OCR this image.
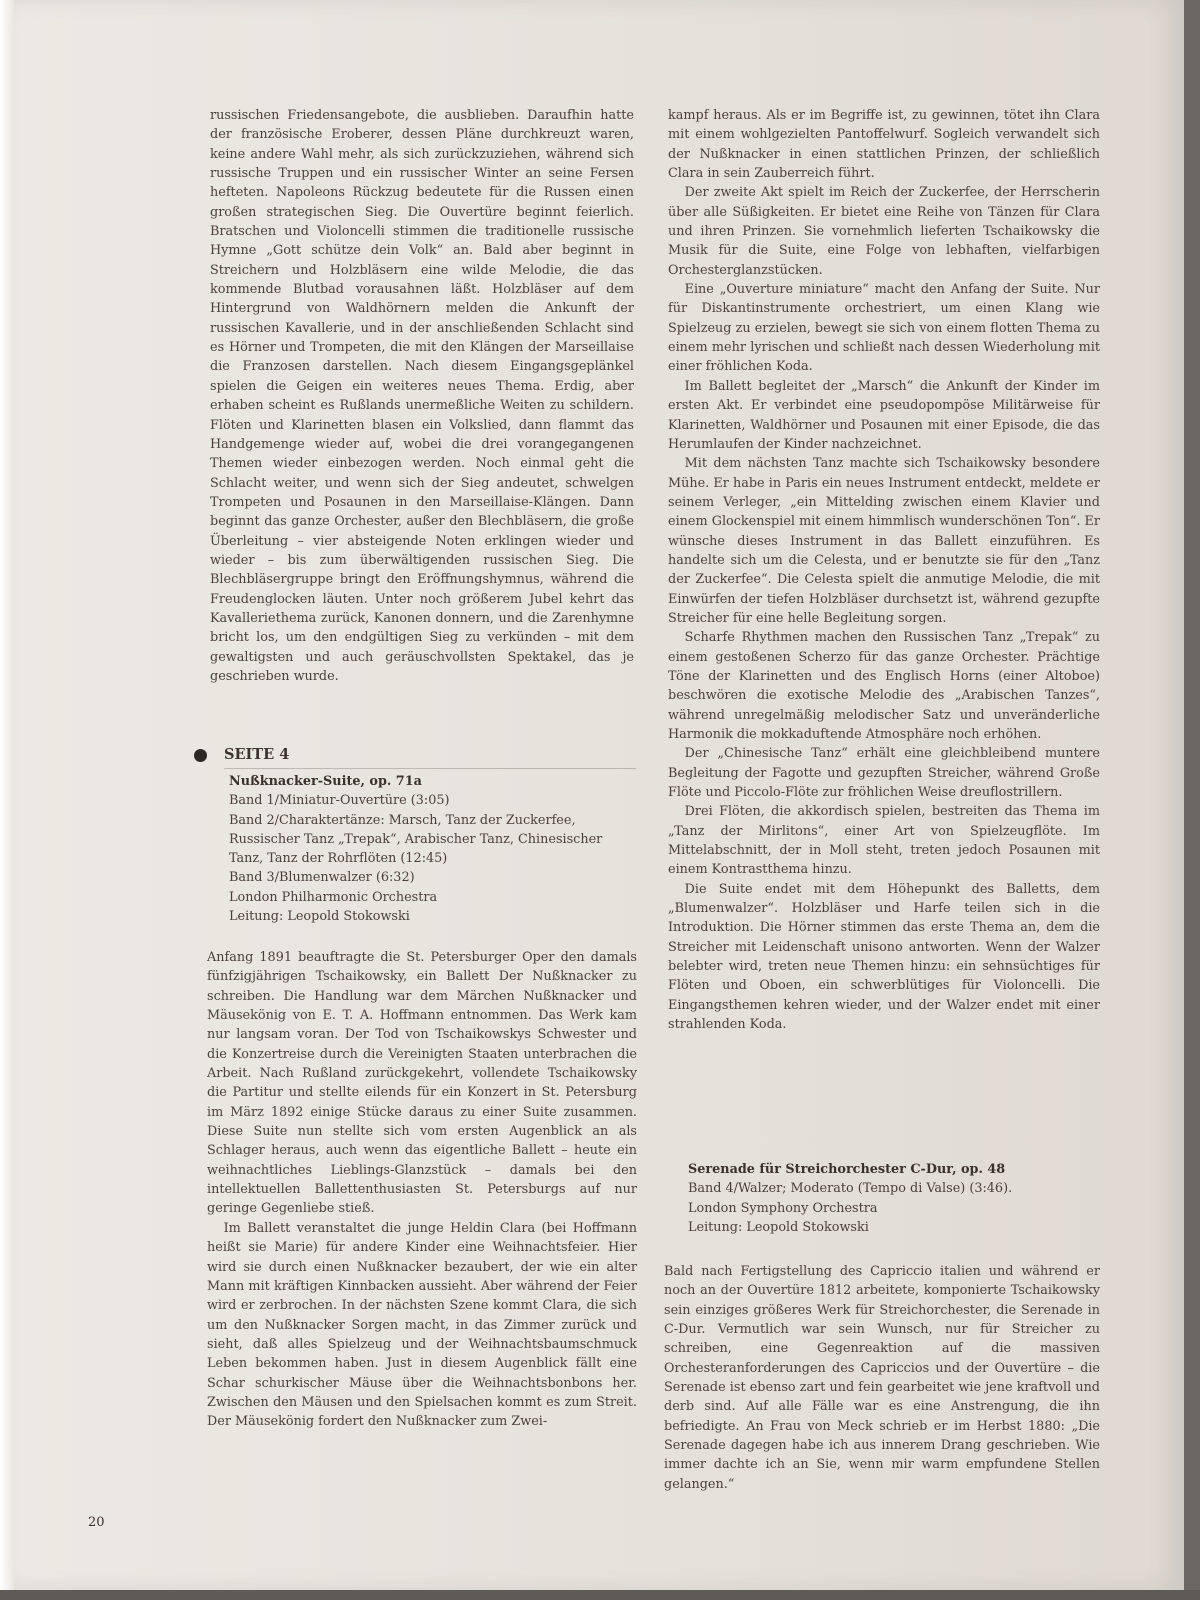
russischen Friedensangebote, die ausblieben. Daraufhin hatte der französische Eroberer, dessen Pläne durchkreuzt waren, keine andere Wahl mehr, als sich zurückzuziehen, während sich russische Truppen und ein russischer Winter an seine Fersen hefteten. Napoleons Rückzug bedeutete für die Russen einen großen strategischen Sieg. Die Ouvertüre beginnt feierlich. Bratschen und Violoncelli stimmen die traditionelle russische Hymne „Gott schütze dein Volk“ an. Bald aber beginnt in Streichern und Holzbläsern eine wilde Melodie, die das kommende Blutbad vorausahnen läßt. Holzbläser auf dem Hintergrund von Waldhörnern melden die Ankunft der russischen Kavallerie, und in der anschließenden Schlacht sind es Hörner und Trompeten, die mit den Klängen der Marseillaise die Franzosen darstellen. Nach diesem Eingangsgeplänkel spielen die Geigen ein weiteres neues Thema. Erdig, aber erhaben scheint es Rußlands unermeßliche Weiten zu schildern. Flöten und Klarinetten blasen ein Volkslied, dann flammt das Handgemenge wieder auf, wobei die drei vorangegangenen Themen wieder einbezogen werden. Noch einmal geht die Schlacht weiter, und wenn sich der Sieg andeutet, schwelgen Trompeten und Posaunen in den Marseillaise-Klängen. Dann beginnt das ganze Orchester, außer den Blechbläsern, die große Überleitung – vier absteigende Noten erklingen wieder und wieder – bis zum überwältigenden russischen Sieg. Die Blechbläsergruppe bringt den Eröffnungshymnus, während die Freudenglocken läuten. Unter noch größerem Jubel kehrt das Kavalleriethema zurück, Kanonen donnern, und die Zarenhymne bricht los, um den endgültigen Sieg zu verkünden – mit dem gewaltigsten und auch geräuschvollsten Spektakel, das je geschrieben wurde.

SEITE 4
Nußknacker-Suite, op. 71a
Band 1/Miniatur-Ouvertüre (3:05)
Band 2/Charaktertänze: Marsch, Tanz der Zuckerfee,
Russischer Tanz „Trepak“, Arabischer Tanz, Chinesischer
Tanz, Tanz der Rohrflöten (12:45)
Band 3/Blumenwalzer (6:32)
London Philharmonic Orchestra
Leitung: Leopold Stokowski

Anfang 1891 beauftragte die St. Petersburger Oper den damals fünfzigjährigen Tschaikowsky, ein Ballett Der Nußknacker zu schreiben. Die Handlung war dem Märchen Nußknacker und Mäusekönig von E. T. A. Hoffmann entnommen. Das Werk kam nur langsam voran. Der Tod von Tschaikowskys Schwester und die Konzertreise durch die Vereinigten Staaten unterbrachen die Arbeit. Nach Rußland zurückgekehrt, vollendete Tschaikowsky die Partitur und stellte eilends für ein Konzert in St. Petersburg im März 1892 einige Stücke daraus zu einer Suite zusammen. Diese Suite nun stellte sich vom ersten Augenblick an als Schlager heraus, auch wenn das eigentliche Ballett – heute ein weihnachtliches Lieblings-Glanzstück – damals bei den intellektuellen Ballettenthusiasten St. Petersburgs auf nur geringe Gegenliebe stieß.

Im Ballett veranstaltet die junge Heldin Clara (bei Hoffmann heißt sie Marie) für andere Kinder eine Weihnachtsfeier. Hier wird sie durch einen Nußknacker bezaubert, der wie ein alter Mann mit kräftigen Kinnbacken aussieht. Aber während der Feier wird er zerbrochen. In der nächsten Szene kommt Clara, die sich um den Nußknacker Sorgen macht, in das Zimmer zurück und sieht, daß alles Spielzeug und der Weihnachtsbaumschmuck Leben bekommen haben. Just in diesem Augenblick fällt eine Schar schurkischer Mäuse über die Weihnachtsbonbons her. Zwischen den Mäusen und den Spielsachen kommt es zum Streit. Der Mäusekönig fordert den Nußknacker zum Zwei-

kampf heraus. Als er im Begriffe ist, zu gewinnen, tötet ihn Clara mit einem wohlgezielten Pantoffelwurf. Sogleich verwandelt sich der Nußknacker in einen stattlichen Prinzen, der schließlich Clara in sein Zauberreich führt.

Der zweite Akt spielt im Reich der Zuckerfee, der Herrscherin über alle Süßigkeiten. Er bietet eine Reihe von Tänzen für Clara und ihren Prinzen. Sie vornehmlich lieferten Tschaikowsky die Musik für die Suite, eine Folge von lebhaften, vielfarbigen Orchesterglanzstücken.

Eine „Ouverture miniature“ macht den Anfang der Suite. Nur für Diskantinstrumente orchestriert, um einen Klang wie Spielzeug zu erzielen, bewegt sie sich von einem flotten Thema zu einem mehr lyrischen und schließt nach dessen Wiederholung mit einer fröhlichen Koda.

Im Ballett begleitet der „Marsch“ die Ankunft der Kinder im ersten Akt. Er verbindet eine pseudopompöse Militärweise für Klarinetten, Waldhörner und Posaunen mit einer Episode, die das Herumlaufen der Kinder nachzeichnet.

Mit dem nächsten Tanz machte sich Tschaikowsky besondere Mühe. Er habe in Paris ein neues Instrument entdeckt, meldete er seinem Verleger, „ein Mittelding zwischen einem Klavier und einem Glockenspiel mit einem himmlisch wunderschönen Ton“. Er wünsche dieses Instrument in das Ballett einzuführen. Es handelte sich um die Celesta, und er benutzte sie für den „Tanz der Zuckerfee“. Die Celesta spielt die anmutige Melodie, die mit Einwürfen der tiefen Holzbläser durchsetzt ist, während gezupfte Streicher für eine helle Begleitung sorgen.

Scharfe Rhythmen machen den Russischen Tanz „Trepak“ zu einem gestoßenen Scherzo für das ganze Orchester. Prächtige Töne der Klarinetten und des Englisch Horns (einer Altoboe) beschwören die exotische Melodie des „Arabischen Tanzes“, während unregelmäßig melodischer Satz und unveränderliche Harmonik die mokkaduftende Atmosphäre noch erhöhen.

Der „Chinesische Tanz“ erhält eine gleichbleibend muntere Begleitung der Fagotte und gezupften Streicher, während Große Flöte und Piccolo-Flöte zur fröhlichen Weise dreuflostrillern.

Drei Flöten, die akkordisch spielen, bestreiten das Thema im „Tanz der Mirlitons“, einer Art von Spielzeugflöte. Im Mittelabschnitt, der in Moll steht, treten jedoch Posaunen mit einem Kontrastthema hinzu.

Die Suite endet mit dem Höhepunkt des Balletts, dem „Blumenwalzer“. Holzbläser und Harfe teilen sich in die Introduktion. Die Hörner stimmen das erste Thema an, dem die Streicher mit Leidenschaft unisono antworten. Wenn der Walzer belebter wird, treten neue Themen hinzu: ein sehnsüchtiges für Flöten und Oboen, ein schwerblütiges für Violoncelli. Die Eingangsthemen kehren wieder, und der Walzer endet mit einer strahlenden Koda.

Serenade für Streichorchester C-Dur, op. 48
Band 4/Walzer; Moderato (Tempo di Valse) (3:46).
London Symphony Orchestra
Leitung: Leopold Stokowski

Bald nach Fertigstellung des Capriccio italien und während er noch an der Ouvertüre 1812 arbeitete, komponierte Tschaikowsky sein einziges größeres Werk für Streichorchester, die Serenade in C-Dur. Vermutlich war sein Wunsch, nur für Streicher zu schreiben, eine Gegenreaktion auf die massiven Orchesteranforderungen des Capriccios und der Ouvertüre – die Serenade ist ebenso zart und fein gearbeitet wie jene kraftvoll und derb sind. Auf alle Fälle war es eine Anstrengung, die ihn befriedigte. An Frau von Meck schrieb er im Herbst 1880: „Die Serenade dagegen habe ich aus innerem Drang geschrieben. Wie immer dachte ich an Sie, wenn mir warm empfundene Stellen gelangen.“

20
